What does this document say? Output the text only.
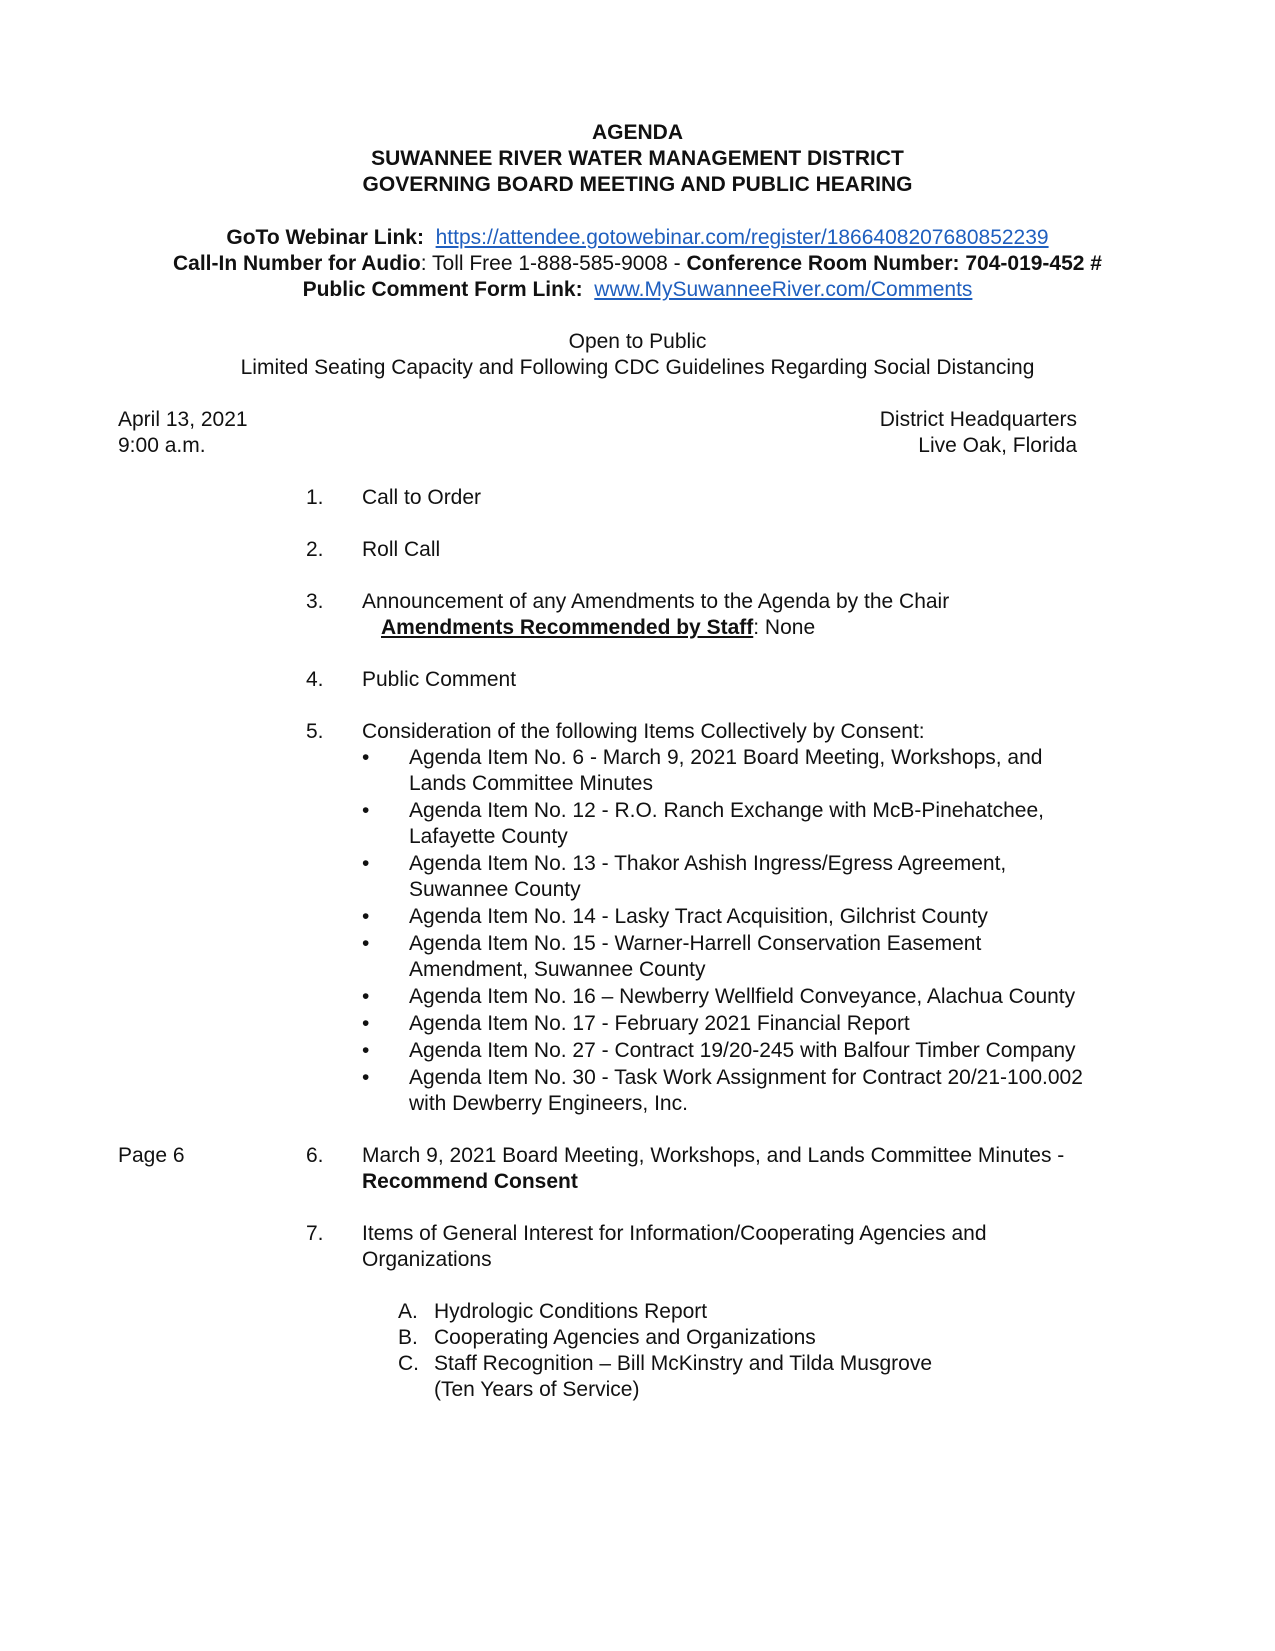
AGENDA
SUWANNEE RIVER WATER MANAGEMENT DISTRICT
GOVERNING BOARD MEETING AND PUBLIC HEARING
GoTo Webinar Link: https://attendee.gotowebinar.com/register/1866408207680852239
Call-In Number for Audio: Toll Free 1-888-585-9008 - Conference Room Number: 704-019-452 #
Public Comment Form Link: www.MySuwanneeRiver.com/Comments
Open to Public
Limited Seating Capacity and Following CDC Guidelines Regarding Social Distancing
April 13, 2021
9:00 a.m.
District Headquarters
Live Oak, Florida
1. Call to Order
2. Roll Call
3. Announcement of any Amendments to the Agenda by the Chair
Amendments Recommended by Staff: None
4. Public Comment
5. Consideration of the following Items Collectively by Consent:
• Agenda Item No. 6 - March 9, 2021 Board Meeting, Workshops, and
Lands Committee Minutes
• Agenda Item No. 12 - R.O. Ranch Exchange with McB-Pinehatchee,
Lafayette County
• Agenda Item No. 13 - Thakor Ashish Ingress/Egress Agreement,
Suwannee County
• Agenda Item No. 14 - Lasky Tract Acquisition, Gilchrist County
• Agenda Item No. 15 - Warner-Harrell Conservation Easement
Amendment, Suwannee County
• Agenda Item No. 16 – Newberry Wellfield Conveyance, Alachua County
• Agenda Item No. 17 - February 2021 Financial Report
• Agenda Item No. 27 - Contract 19/20-245 with Balfour Timber Company
• Agenda Item No. 30 - Task Work Assignment for Contract 20/21-100.002
with Dewberry Engineers, Inc.
Page 6	6. March 9, 2021 Board Meeting, Workshops, and Lands Committee Minutes -
Recommend Consent
7. Items of General Interest for Information/Cooperating Agencies and
Organizations
A. Hydrologic Conditions Report
B. Cooperating Agencies and Organizations
C. Staff Recognition – Bill McKinstry and Tilda Musgrove
(Ten Years of Service)
